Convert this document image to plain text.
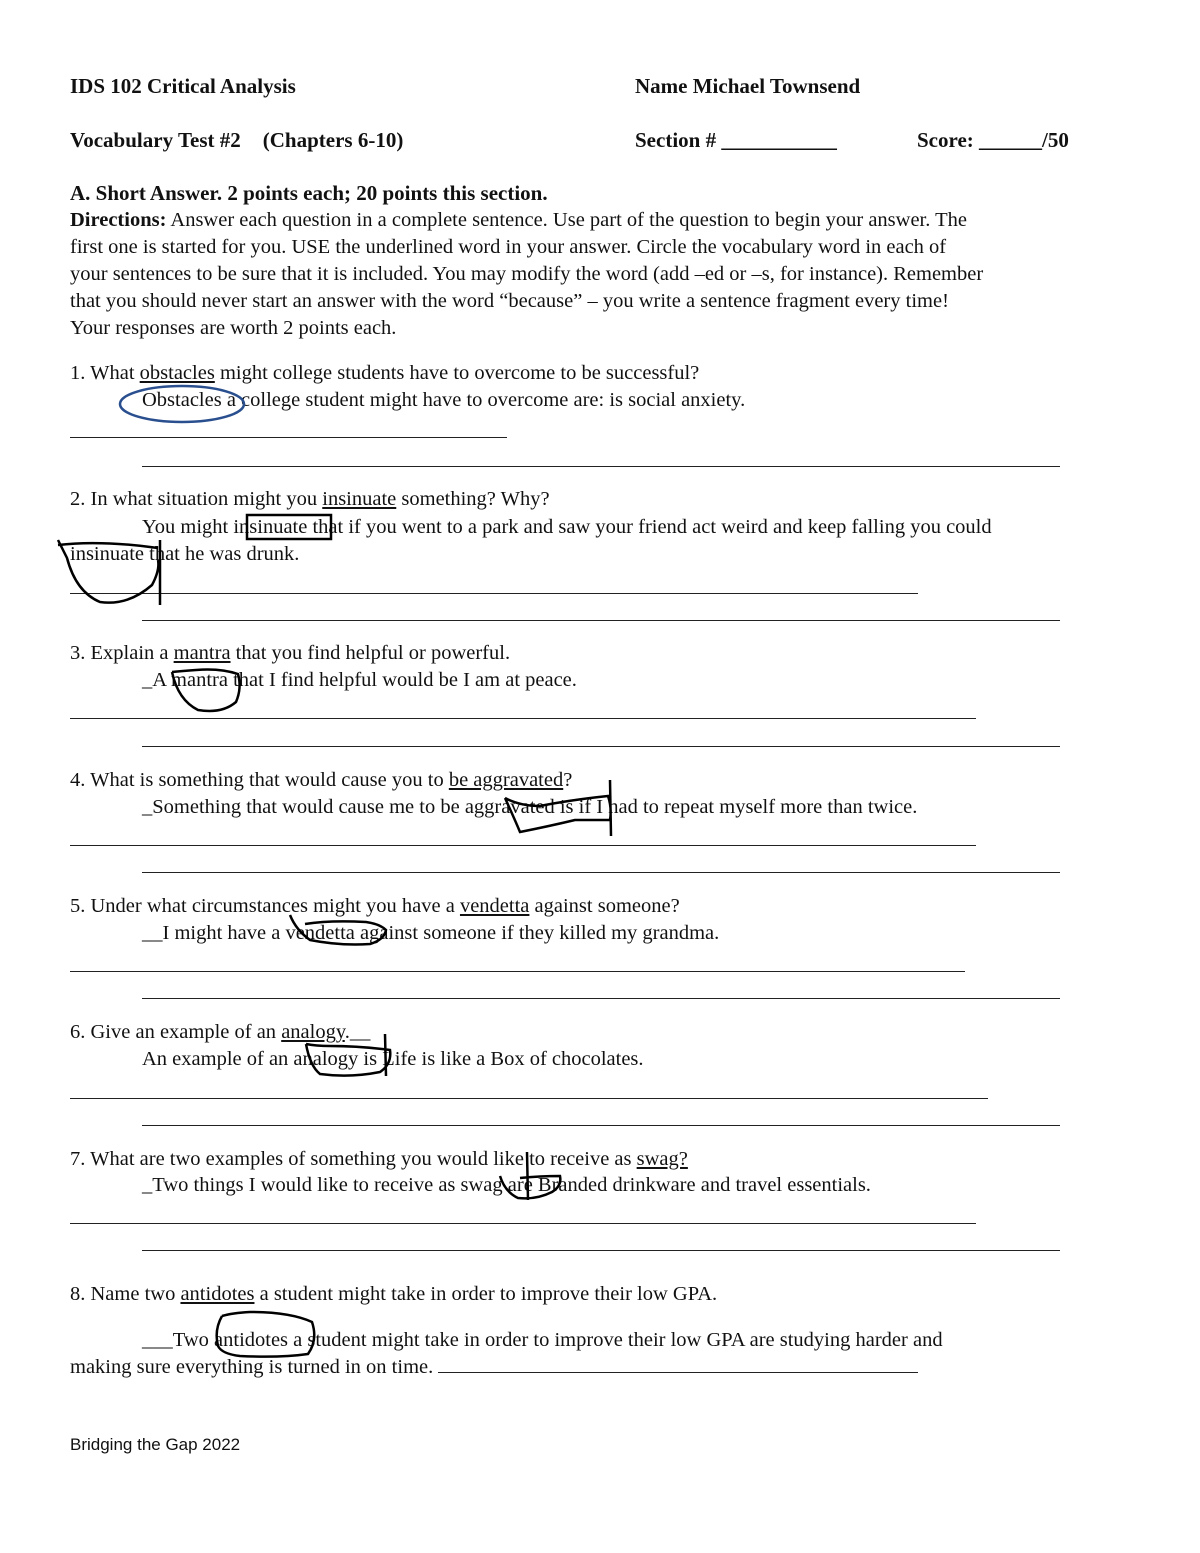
IDS 102 Critical Analysis	Name Michael Townsend
Vocabulary Test #2 (Chapters 6-10)	Section # ___________	Score: ______/50
A. Short Answer. 2 points each; 20 points this section.
Directions: Answer each question in a complete sentence. Use part of the question to begin your answer. The
first one is started for you. USE the underlined word in your answer. Circle the vocabulary word in each of
your sentences to be sure that it is included. You may modify the word (add –ed or –s, for instance). Remember
that you should never start an answer with the word “because” – you write a sentence fragment every time!
Your responses are worth 2 points each.
1. What obstacles might college students have to overcome to be successful?
Obstacles a college student might have to overcome are: is social anxiety.
2. In what situation might you insinuate something? Why?
You might insinuate that if you went to a park and saw your friend act weird and keep falling you could
insinuate that he was drunk.
3. Explain a mantra that you find helpful or powerful.
_A mantra that I find helpful would be I am at peace.
4. What is something that would cause you to be aggravated?
_Something that would cause me to be aggravated is if I had to repeat myself more than twice.
5. Under what circumstances might you have a vendetta against someone?
__I might have a vendetta against someone if they killed my grandma.
6. Give an example of an analogy.__
An example of an analogy is Life is like a Box of chocolates.
7. What are two examples of something you would like to receive as swag?
_Two things I would like to receive as swag are Branded drinkware and travel essentials.
8. Name two antidotes a student might take in order to improve their low GPA.
___Two antidotes a student might take in order to improve their low GPA are studying harder and
making sure everything is turned in on time.
Bridging the Gap 2022
